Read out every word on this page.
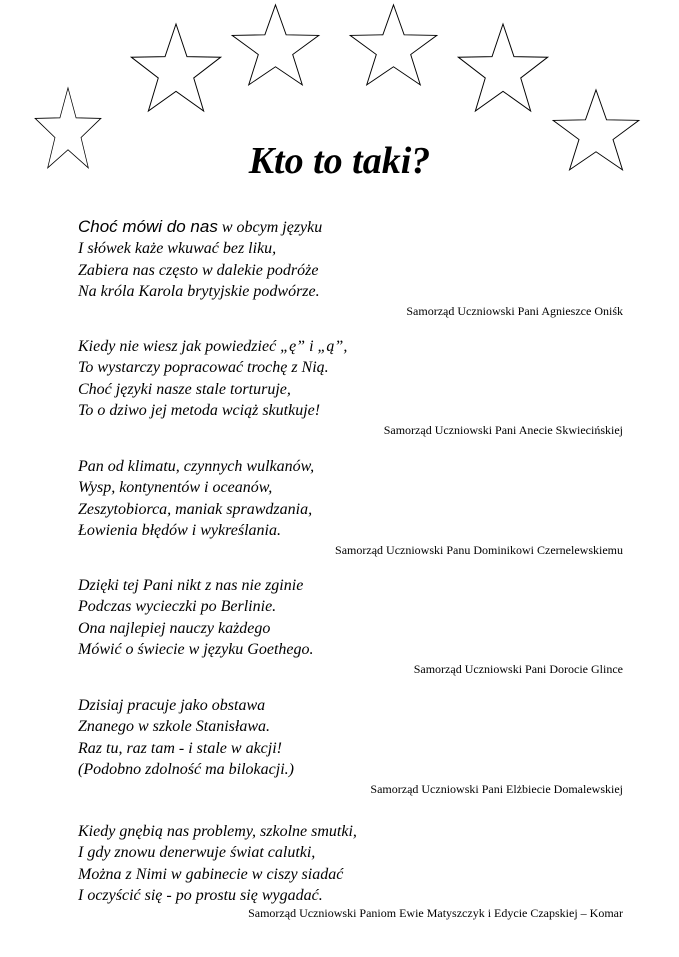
Kto to taki?
Choć mówi do nas w obcym języku
I słówek każe wkuwać bez liku,
Zabiera nas często w dalekie podróże
Na króla Karola brytyjskie podwórze.
Samorząd Uczniowski Pani Agnieszce Oniśk
Kiedy nie wiesz jak powiedzieć „ę” i „ą”,
To wystarczy popracować trochę z Nią.
Choć języki nasze stale torturuje,
To o dziwo jej metoda wciąż skutkuje!
Samorząd Uczniowski Pani Anecie Skwiecińskiej
Pan od klimatu, czynnych wulkanów,
Wysp, kontynentów i oceanów,
Zeszytobiorca, maniak sprawdzania,
Łowienia błędów i wykreślania.
Samorząd Uczniowski Panu Dominikowi Czernelewskiemu
Dzięki tej Pani nikt z nas nie zginie
Podczas wycieczki po Berlinie.
Ona najlepiej nauczy każdego
Mówić o świecie w języku Goethego.
Samorząd Uczniowski Pani Dorocie Glince
Dzisiaj pracuje jako obstawa
Znanego w szkole Stanisława.
Raz tu, raz tam - i stale w akcji!
(Podobno zdolność ma bilokacji.)
Samorząd Uczniowski Pani Elżbiecie Domalewskiej
Kiedy gnębią nas problemy, szkolne smutki,
I gdy znowu denerwuje świat calutki,
Można z Nimi w gabinecie w ciszy siadać
I oczyścić się - po prostu się wygadać.
Samorząd Uczniowski Paniom Ewie Matyszczyk i Edycie Czapskiej – Komar
